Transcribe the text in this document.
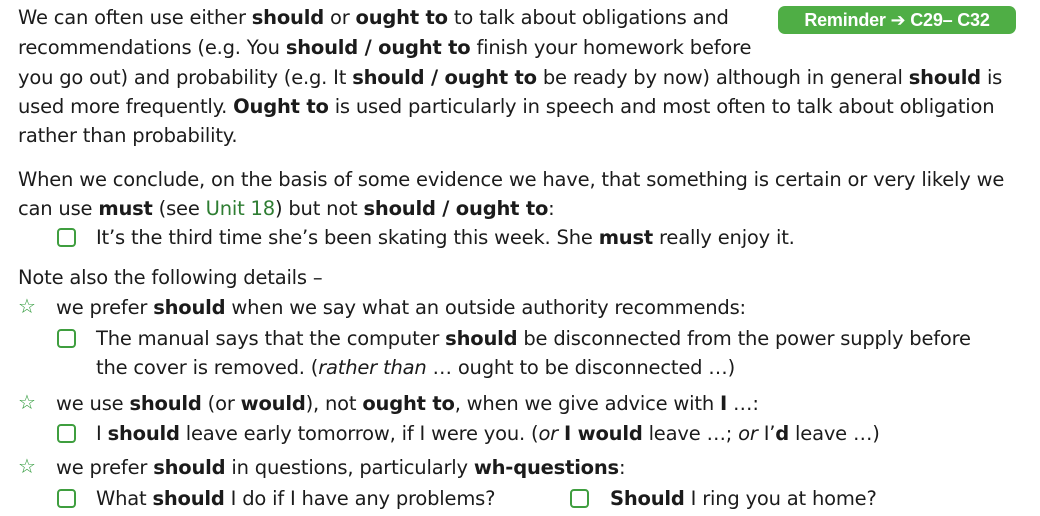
Reminder ➔ C29– C32
We can often use either should or ought to to talk about obligations and
recommendations (e.g. You should / ought to finish your homework before
you go out) and probability (e.g. It should / ought to be ready by now) although in general should is
used more frequently. Ought to is used particularly in speech and most often to talk about obligation
rather than probability.
When we conclude, on the basis of some evidence we have, that something is certain or very likely we
can use must (see Unit 18) but not should / ought to:
It’s the third time she’s been skating this week. She must really enjoy it.
Note also the following details –
☆ we prefer should when we say what an outside authority recommends:
The manual says that the computer should be disconnected from the power supply before
the cover is removed. (rather than … ought to be disconnected …)
☆ we use should (or would), not ought to, when we give advice with I …:
I should leave early tomorrow, if I were you. (or I would leave …; or I’d leave …)
☆ we prefer should in questions, particularly wh-questions:
What should I do if I have any problems?	Should I ring you at home?
